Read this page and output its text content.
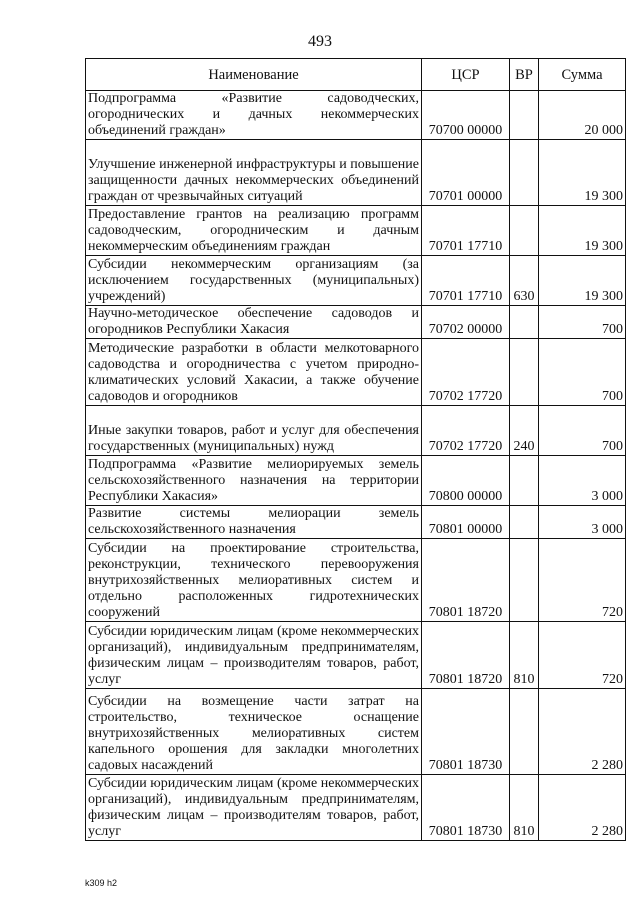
493
Наименование	ЦСР	ВР	Сумма
Подпрограмма «Развитие садоводческих, огороднических и дачных некоммерческих объединений граждан»	70700 00000		20 000
Улучшение инженерной инфраструктуры и повышение защищенности дачных некоммерческих объединений граждан от чрезвычайных ситуаций	70701 00000		19 300
Предоставление грантов на реализацию программ садоводческим, огородническим и дачным некоммерческим объединениям граждан	70701 17710		19 300
Субсидии некоммерческим организациям (за исключением государственных (муниципальных) учреждений)	70701 17710	630	19 300
Научно-методическое обеспечение садоводов и огородников Республики Хакасия	70702 00000		700
Методические разработки в области мелкотоварного садоводства и огородничества с учетом природно-климатических условий Хакасии, а также обучение садоводов и огородников	70702 17720		700
Иные закупки товаров, работ и услуг для обеспечения государственных (муниципальных) нужд	70702 17720	240	700
Подпрограмма «Развитие мелиорируемых земель сельскохозяйственного назначения на территории Республики Хакасия»	70800 00000		3 000
Развитие системы мелиорации земель сельскохозяйственного назначения	70801 00000		3 000
Субсидии на проектирование строительства, реконструкции, технического перевооружения внутрихозяйственных мелиоративных систем и отдельно расположенных гидротехнических сооружений	70801 18720		720
Субсидии юридическим лицам (кроме некоммерческих организаций), индивидуальным предпринимателям, физическим лицам – производителям товаров, работ, услуг	70801 18720	810	720
Субсидии на возмещение части затрат на строительство, техническое оснащение внутрихозяйственных мелиоративных систем капельного орошения для закладки многолетних садовых насаждений	70801 18730		2 280
Субсидии юридическим лицам (кроме некоммерческих организаций), индивидуальным предпринимателям, физическим лицам – производителям товаров, работ, услуг	70801 18730	810	2 280
k309 h2
